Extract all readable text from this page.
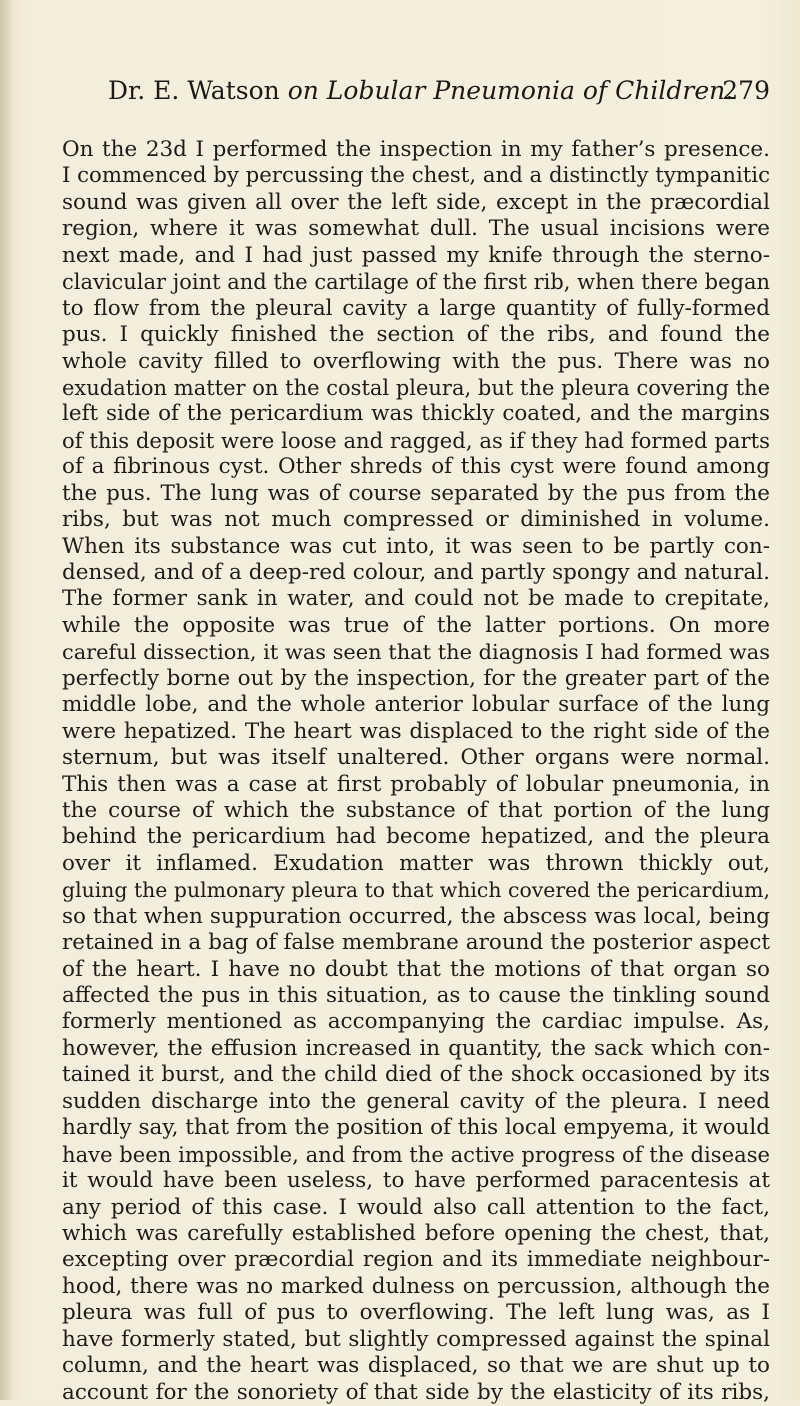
Dr. E. Watson on Lobular Pneumonia of Children.
279
On the 23d I performed the inspection in my father’s presence.
I commenced by percussing the chest, and a distinctly tympanitic
sound was given all over the left side, except in the præcordial
region, where it was somewhat dull. The usual incisions were
next made, and I had just passed my knife through the sterno-
clavicular joint and the cartilage of the first rib, when there began
to flow from the pleural cavity a large quantity of fully-formed
pus. I quickly finished the section of the ribs, and found the
whole cavity filled to overflowing with the pus. There was no
exudation matter on the costal pleura, but the pleura covering the
left side of the pericardium was thickly coated, and the margins
of this deposit were loose and ragged, as if they had formed parts
of a fibrinous cyst. Other shreds of this cyst were found among
the pus. The lung was of course separated by the pus from the
ribs, but was not much compressed or diminished in volume.
When its substance was cut into, it was seen to be partly con-
densed, and of a deep-red colour, and partly spongy and natural.
The former sank in water, and could not be made to crepitate,
while the opposite was true of the latter portions. On more
careful dissection, it was seen that the diagnosis I had formed was
perfectly borne out by the inspection, for the greater part of the
middle lobe, and the whole anterior lobular surface of the lung
were hepatized. The heart was displaced to the right side of the
sternum, but was itself unaltered. Other organs were normal.
This then was a case at first probably of lobular pneumonia, in
the course of which the substance of that portion of the lung
behind the pericardium had become hepatized, and the pleura
over it inflamed. Exudation matter was thrown thickly out,
gluing the pulmonary pleura to that which covered the pericardium,
so that when suppuration occurred, the abscess was local, being
retained in a bag of false membrane around the posterior aspect
of the heart. I have no doubt that the motions of that organ so
affected the pus in this situation, as to cause the tinkling sound
formerly mentioned as accompanying the cardiac impulse. As,
however, the effusion increased in quantity, the sack which con-
tained it burst, and the child died of the shock occasioned by its
sudden discharge into the general cavity of the pleura. I need
hardly say, that from the position of this local empyema, it would
have been impossible, and from the active progress of the disease
it would have been useless, to have performed paracentesis at
any period of this case. I would also call attention to the fact,
which was carefully established before opening the chest, that,
excepting over præcordial region and its immediate neighbour-
hood, there was no marked dulness on percussion, although the
pleura was full of pus to overflowing. The left lung was, as I
have formerly stated, but slightly compressed against the spinal
column, and the heart was displaced, so that we are shut up to
account for the sonoriety of that side by the elasticity of its ribs,
